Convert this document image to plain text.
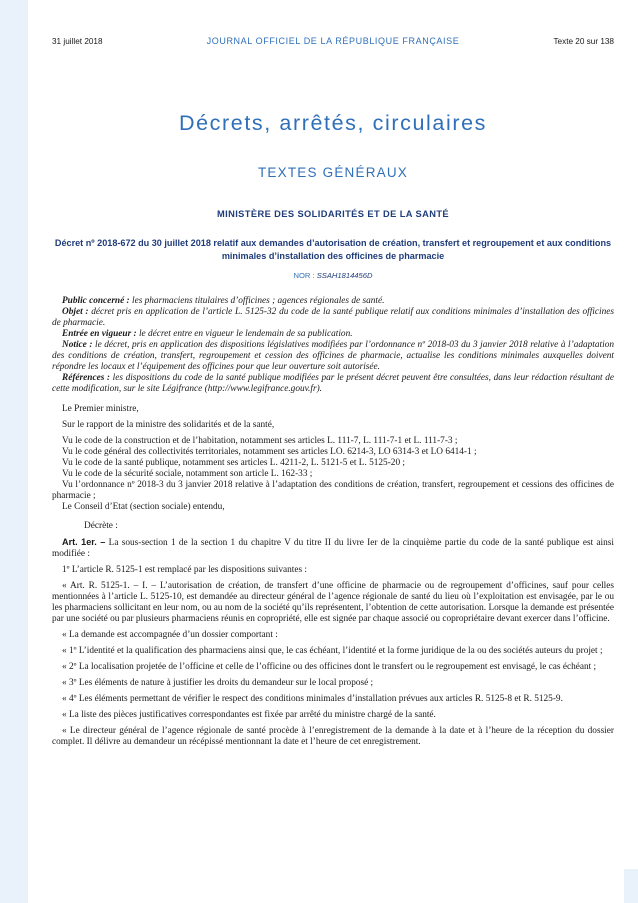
31 juillet 2018	JOURNAL OFFICIEL DE LA RÉPUBLIQUE FRANÇAISE	Texte 20 sur 138
Décrets, arrêtés, circulaires
TEXTES GÉNÉRAUX
MINISTÈRE DES SOLIDARITÉS ET DE LA SANTÉ
Décret nº 2018-672 du 30 juillet 2018 relatif aux demandes d’autorisation de création, transfert et regroupement et aux conditions minimales d’installation des officines de pharmacie
NOR : SSAH1814456D

Public concerné : les pharmaciens titulaires d’officines ; agences régionales de santé.

Objet : décret pris en application de l’article L. 5125-32 du code de la santé publique relatif aux conditions minimales d’installation des officines de pharmacie.

Entrée en vigueur : le décret entre en vigueur le lendemain de sa publication.

Notice : le décret, pris en application des dispositions législatives modifiées par l’ordonnance nº 2018-03 du 3 janvier 2018 relative à l’adaptation des conditions de création, transfert, regroupement et cession des officines de pharmacie, actualise les conditions minimales auxquelles doivent répondre les locaux et l’équipement des officines pour que leur ouverture soit autorisée.

Références : les dispositions du code de la santé publique modifiées par le présent décret peuvent être consultées, dans leur rédaction résultant de cette modification, sur le site Légifrance (http://www.legifrance.gouv.fr).

Le Premier ministre,

Sur le rapport de la ministre des solidarités et de la santé,

Vu le code de la construction et de l’habitation, notamment ses articles L. 111-7, L. 111-7-1 et L. 111-7-3 ;

Vu le code général des collectivités territoriales, notamment ses articles LO. 6214-3, LO 6314-3 et LO 6414-1 ;

Vu le code de la santé publique, notamment ses articles L. 4211-2, L. 5121-5 et L. 5125-20 ;

Vu le code de la sécurité sociale, notamment son article L. 162-33 ;

Vu l’ordonnance nº 2018-3 du 3 janvier 2018 relative à l’adaptation des conditions de création, transfert, regroupement et cessions des officines de pharmacie ;

Le Conseil d’Etat (section sociale) entendu,

Décrète :

Art. 1er. – La sous-section 1 de la section 1 du chapitre V du titre II du livre Ier de la cinquième partie du code de la santé publique est ainsi modifiée :

1º L’article R. 5125-1 est remplacé par les dispositions suivantes :

« Art. R. 5125-1. – I. – L’autorisation de création, de transfert d’une officine de pharmacie ou de regroupement d’officines, sauf pour celles mentionnées à l’article L. 5125-10, est demandée au directeur général de l’agence régionale de santé du lieu où l’exploitation est envisagée, par le ou les pharmaciens sollicitant en leur nom, ou au nom de la société qu’ils représentent, l’obtention de cette autorisation. Lorsque la demande est présentée par une société ou par plusieurs pharmaciens réunis en copropriété, elle est signée par chaque associé ou copropriétaire devant exercer dans l’officine.

« La demande est accompagnée d’un dossier comportant :

« 1º L’identité et la qualification des pharmaciens ainsi que, le cas échéant, l’identité et la forme juridique de la ou des sociétés auteurs du projet ;

« 2º La localisation projetée de l’officine et celle de l’officine ou des officines dont le transfert ou le regroupement est envisagé, le cas échéant ;

« 3º Les éléments de nature à justifier les droits du demandeur sur le local proposé ;

« 4º Les éléments permettant de vérifier le respect des conditions minimales d’installation prévues aux articles R. 5125-8 et R. 5125-9.

« La liste des pièces justificatives correspondantes est fixée par arrêté du ministre chargé de la santé.

« Le directeur général de l’agence régionale de santé procède à l’enregistrement de la demande à la date et à l’heure de la réception du dossier complet. Il délivre au demandeur un récépissé mentionnant la date et l’heure de cet enregistrement.
